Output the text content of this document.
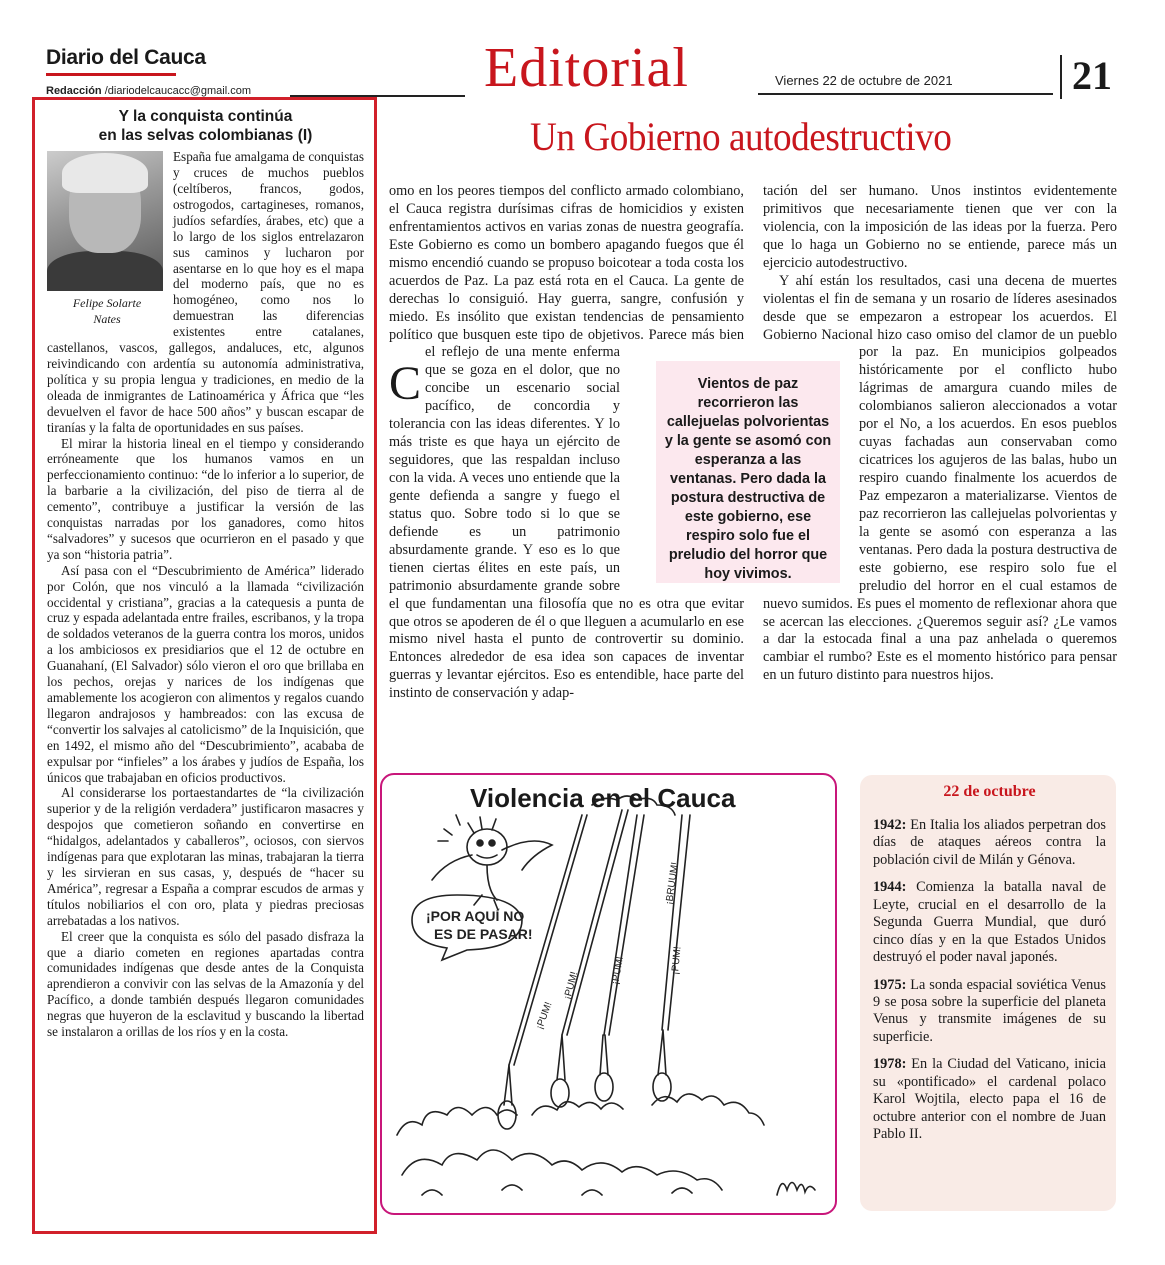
Diario del Cauca
Redacción /diariodelcaucacc@gmail.com	Editorial	Viernes 22 de octubre de 2021	21
Y la conquista continúa
en las selvas colombianas (I)
Felipe Solarte
Nates

España fue amalgama de conquistas y cruces de muchos pueblos (celtíberos, francos, godos, ostrogodos, cartagineses, romanos, judíos sefardíes, árabes, etc) que a lo largo de los siglos entrelazaron sus caminos y lucharon por asentarse en lo que hoy es el mapa del moderno país, que no es homogéneo, como nos lo demuestran las diferencias existentes entre catalanes, castellanos, vascos, gallegos, andaluces, etc, algunos reivindicando con ardentía su autonomía administrativa, política y su propia lengua y tradiciones, en medio de la oleada de inmigrantes de Latinoamérica y África que “les devuelven el favor de hace 500 años” y buscan escapar de tiranías y la falta de oportunidades en sus países.

El mirar la historia lineal en el tiempo y considerando erróneamente que los humanos vamos en un perfeccionamiento continuo: “de lo inferior a lo superior, de la barbarie a la civilización, del piso de tierra al de cemento”, contribuye a justificar la versión de las conquistas narradas por los ganadores, como hitos “salvadores” y sucesos que ocurrieron en el pasado y que ya son “historia patria”.

Así pasa con el “Descubrimiento de América” liderado por Colón, que nos vinculó a la llamada “civilización occidental y cristiana”, gracias a la catequesis a punta de cruz y espada adelantada entre frailes, escribanos, y la tropa de soldados veteranos de la guerra contra los moros, unidos a los ambiciosos ex presidiarios que el 12 de octubre en Guanahaní, (El Salvador) sólo vieron el oro que brillaba en los pechos, orejas y narices de los indígenas que amablemente los acogieron con alimentos y regalos cuando llegaron andrajosos y hambreados: con las excusa de “convertir los salvajes al catolicismo” de la Inquisición, que en 1492, el mismo año del “Descubrimiento”, acababa de expulsar por “infieles” a los árabes y judíos de España, los únicos que trabajaban en oficios productivos.

Al considerarse los portaestandartes de “la civilización superior y de la religión verdadera” justificaron masacres y despojos que cometieron soñando en convertirse en “hidalgos, adelantados y caballeros”, ociosos, con siervos indígenas para que explotaran las minas, trabajaran la tierra y les sirvieran en sus casas, y, después de “hacer su América”, regresar a España a comprar escudos de armas y títulos nobiliarios el con oro, plata y piedras preciosas arrebatadas a los nativos.

El creer que la conquista es sólo del pasado disfraza la que a diario cometen en regiones apartadas contra comunidades indígenas que desde antes de la Conquista aprendieron a convivir con las selvas de la Amazonía y del Pacífico, a donde también después llegaron comunidades negras que huyeron de la esclavitud y buscando la libertad se instalaron a orillas de los ríos y en la costa.

Un Gobierno autodestructivo

C
omo en los peores tiempos del conflicto armado colombiano, el Cauca registra durísimas cifras de homicidios y existen enfrentamientos activos en varias zonas de nuestra geografía. Este Gobierno es como un bombero apagando fuegos que él mismo encendió cuando se propuso boicotear a toda costa los acuerdos de Paz. La paz está rota en el Cauca. La gente de derechas lo consiguió. Hay guerra, sangre, confusión y miedo. Es insólito que existan tendencias de pensamiento político que busquen este tipo de objetivos. Parece más bien el reflejo de una mente enferma que se goza en el dolor, que no concibe un escenario social pacífico, de concordia y tolerancia con las ideas diferentes. Y lo más triste es que haya un ejército de seguidores, que las respaldan incluso con la vida. A veces uno entiende que la gente defienda a sangre y fuego el status quo. Sobre todo si lo que se defiende es un patrimonio absurdamente grande. Y eso es lo que tienen ciertas élites en este país, un patrimonio absurdamente grande sobre el que fundamentan una filosofía que no es otra que evitar que otros se apoderen de él o que lleguen a acumularlo en ese mismo nivel hasta el punto de controvertir su dominio. Entonces alrededor de esa idea son capaces de inventar guerras y levantar ejércitos. Eso es entendible, hace parte del instinto de conservación y adap-

tación del ser humano. Unos instintos evidentemente primitivos que necesariamente tienen que ver con la violencia, con la imposición de las ideas por la fuerza. Pero que lo haga un Gobierno no se entiende, parece más un ejercicio autodestructivo.

Y ahí están los resultados, casi una decena de muertes violentas el fin de semana y un rosario de líderes asesinados desde que se empezaron a estropear los acuerdos. El Gobierno Nacional hizo caso omiso del clamor de un pueblo por la paz. En municipios golpeados históricamente por el conflicto hubo lágrimas de amargura cuando miles de colombianos salieron aleccionados a votar por el No, a los acuerdos. En esos pueblos cuyas fachadas aun conservaban como cicatrices los agujeros de las balas, hubo un respiro cuando finalmente los acuerdos de Paz empezaron a materializarse. Vientos de paz recorrieron las callejuelas polvorientas y la gente se asomó con esperanza a las ventanas. Pero dada la postura destructiva de este gobierno, ese respiro solo fue el preludio del horror en el cual estamos de nuevo sumidos. Es pues el momento de reflexionar ahora que se acercan las elecciones. ¿Queremos seguir así? ¿Le vamos a dar la estocada final a una paz anhelada o queremos cambiar el rumbo? Este es el momento histórico para pensar en un futuro distinto para nuestros hijos.

Vientos de paz recorrieron las callejuelas polvorientas y la gente se asomó con esperanza a las ventanas. Pero dada la postura destructiva de este gobierno, ese respiro solo fue el preludio del horror que hoy vivimos.
¡POR AQUÍ NO
ES DE PASAR!
¡PUM!
¡PUM!	¡PUM!	¡PUM!
¡BRUUM!
Violencia en el Cauca	22 de octubre
1942: En Italia los aliados perpetran dos días de ataques aéreos contra la población civil de Milán y Génova.
1944: Comienza la batalla naval de Leyte, crucial en el desarrollo de la Segunda Guerra Mundial, que duró cinco días y en la que Estados Unidos destruyó el poder naval japonés.
1975: La sonda espacial soviética Venus 9 se posa sobre la superficie del planeta Venus y transmite imágenes de su superficie.
1978: En la Ciudad del Vaticano, inicia su «pontificado» el cardenal polaco Karol Wojtila, electo papa el 16 de octubre anterior con el nombre de Juan Pablo II.
